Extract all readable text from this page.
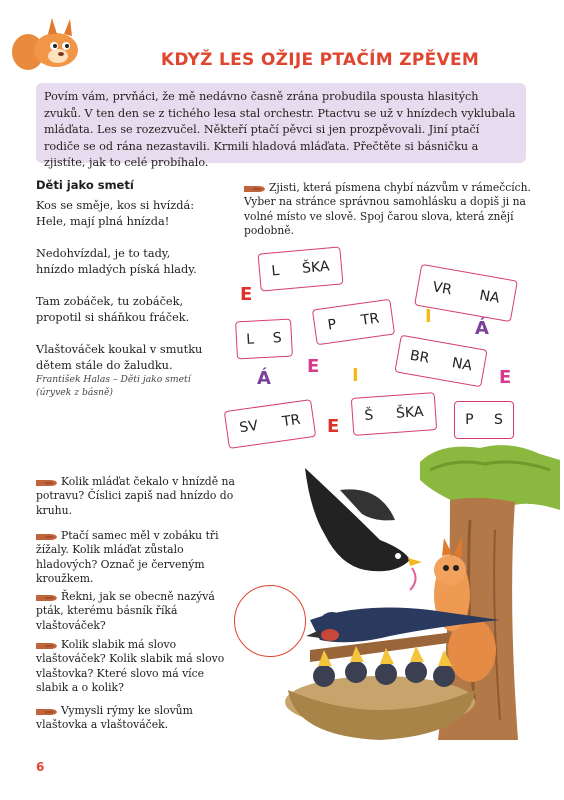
KDYŽ LES OŽIJE PTAČÍM ZPĚVEM
Povím vám, prvňáci, že mě nedávno časně zrána probudila spousta hlasitých zvuků. V ten den se z tichého lesa stal orchestr. Ptactvu se už v hnízdech vyklubala mláďata. Les se rozezvučel. Někteří ptačí pěvci si jen prozpěvovali. Jiní ptačí rodiče se od rána nezastavili. Krmili hladová mláďata. Přečtěte si básničku a zjistíte, jak to celé probíhalo.
Děti jako smetí

Kos se směje, kos si hvízdá:
Hele, mají plná hnízda!

Nedohvízdal, je to tady,
hnízdo mladých píská hlady.

Tam zobáček, tu zobáček,
propotil si sháňkou fráček.

Vlaštováček koukal v smutku
dětem stále do žaludku.

František Halas – Děti jako smetí
(úryvek z básně)
Zjisti, která písmena chybí názvům v rámečcích. Vyber na stránce správnou samohlásku a dopiš ji na volné místo ve slově. Spoj čarou slova, která znějí podobně.
L ŠKA
VR NA
L S
P TR
BR NA
SV TR	Š ŠKA	P S
E
I
Á
Á
E I	E
E
Kolik mláďat čekalo v hnízdě na potravu? Číslici zapiš nad hnízdo do kruhu.
Ptačí samec měl v zobáku tři žížaly. Kolik mláďat zůstalo hladových? Označ je červeným kroužkem.
Řekni, jak se obecně nazývá pták, kterému básník říká vlaštováček?
Kolik slabik má slovo vlaštováček? Kolik slabik má slovo vlaštovka? Které slovo má více slabik a o kolik?
Vymysli rýmy ke slovům vlaštovka a vlaštováček.
6
